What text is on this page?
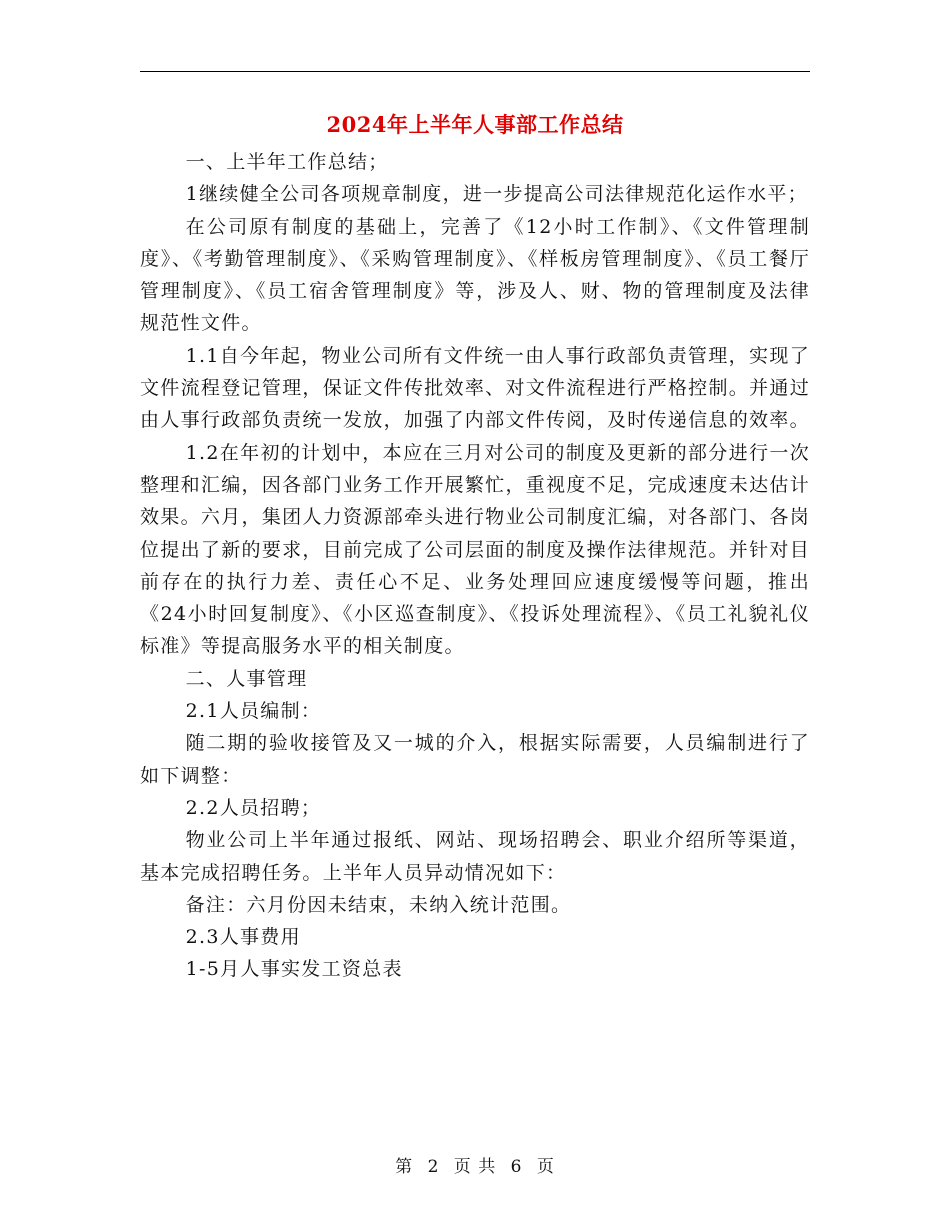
2024年上半年人事部工作总结

一、上半年工作总结；

1继续健全公司各项规章制度，进一步提高公司法律规范化运作水平；

在公司原有制度的基础上，完善了《12小时工作制》、《文件管理制度》、《考勤管理制度》、《采购管理制度》、《样板房管理制度》、《员工餐厅管理制度》、《员工宿舍管理制度》等，涉及人、财、物的管理制度及法律规范性文件。

1.1自今年起，物业公司所有文件统一由人事行政部负责管理，实现了文件流程登记管理，保证文件传批效率、对文件流程进行严格控制。并通过由人事行政部负责统一发放，加强了内部文件传阅，及时传递信息的效率。

1.2在年初的计划中，本应在三月对公司的制度及更新的部分进行一次整理和汇编，因各部门业务工作开展繁忙，重视度不足，完成速度未达估计效果。六月，集团人力资源部牵头进行物业公司制度汇编，对各部门、各岗位提出了新的要求，目前完成了公司层面的制度及操作法律规范。并针对目前存在的执行力差、责任心不足、业务处理回应速度缓慢等问题，推出《24小时回复制度》、《小区巡查制度》、《投诉处理流程》、《员工礼貌礼仪标准》等提高服务水平的相关制度。

二、人事管理

2.1人员编制：

随二期的验收接管及又一城的介入，根据实际需要，人员编制进行了如下调整：

2.2人员招聘；

物业公司上半年通过报纸、网站、现场招聘会、职业介绍所等渠道，基本完成招聘任务。上半年人员异动情况如下：

备注：六月份因未结束，未纳入统计范围。

2.3人事费用

1-5月人事实发工资总表

第 2 页 共 6 页
